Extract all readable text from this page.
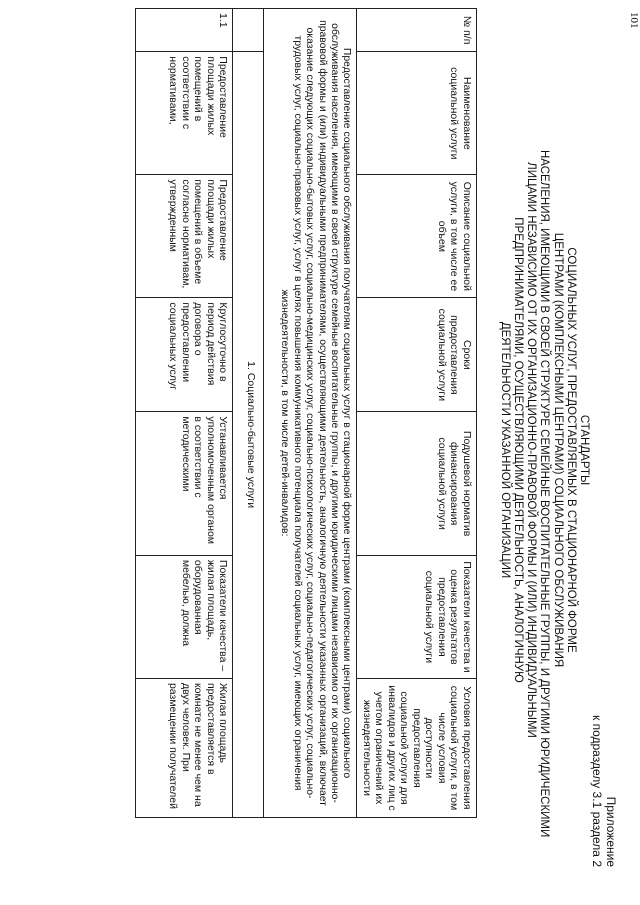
101
Приложение
к подразделу 3.1 раздела 2
СТАНДАРТЫ
СОЦИАЛЬНЫХ УСЛУГ, ПРЕДОСТАВЛЯЕМЫХ В СТАЦИОНАРНОЙ ФОРМЕ
ЦЕНТРАМИ (КОМПЛЕКСНЫМИ ЦЕНТРАМИ) СОЦИАЛЬНОГО ОБСЛУЖИВАНИЯ
НАСЕЛЕНИЯ, ИМЕЮЩИМИ В СВОЕЙ СТРУКТУРЕ СЕМЕЙНЫЕ ВОСПИТАТЕЛЬНЫЕ ГРУППЫ, И ДРУГИМИ ЮРИДИЧЕСКИМИ
ЛИЦАМИ НЕЗАВИСИМО ОТ ИХ ОРГАНИЗАЦИОННО-ПРАВОВОЙ ФОРМЫ И (ИЛИ) ИНДИВИДУАЛЬНЫМИ
ПРЕДПРИНИМАТЕЛЯМИ, ОСУЩЕСТВЛЯЮЩИМИ ДЕЯТЕЛЬНОСТЬ, АНАЛОГИЧНУЮ
ДЕЯТЕЛЬНОСТИ УКАЗАННОЙ ОРГАНИЗАЦИИ
№ п/п	Наименование социальной услуги	Описание социальной услуги, в том числе ее объем	Сроки предоставления социальной услуги	Подушевой норматив финансирования социальной услуги	Показатели качества и оценка результатов предоставления социальной услуги	Условия предоставления социальной услуги, в том числе условия доступности предоставления социальной услуги для инвалидов и других лиц с учетом ограничений их жизнедеятельности
Предоставление социального обслуживания получателям социальных услуг в стационарной форме центрами (комплексными центрами) социального обслуживания населения, имеющими в своей структуре семейные воспитательные группы, и другими юридическими лицами независимо от их организационно-правовой формы и (или) индивидуальными предпринимателями, осуществляющими деятельность, аналогичную деятельности указанных организаций, включает оказание следующих социально-бытовых услуг, социально-медицинских услуг, социально-психологических услуг, социально-педагогических услуг, социально-трудовых услуг, социально-правовых услуг, услуг в целях повышения коммуникативного потенциала получателей социальных услуг, имеющих ограничения жизнедеятельности, в том числе детей-инвалидов:						
	1. Социально-бытовые услуги					
1.1	Предоставление площади жилых помещений в соответствии с нормативами,	Предоставление площади жилых помещений в объеме согласно нормативам, утвержденным	Круглосуточно в период действия договора о предоставлении социальных услуг	Устанавливается уполномоченным органом в соответствии с методическими	Показатели качества – жилая площадь, оборудованная мебелью, должна	Жилая площадь предоставляется в комнате не менее чем на двух человек. При размещении получателей
